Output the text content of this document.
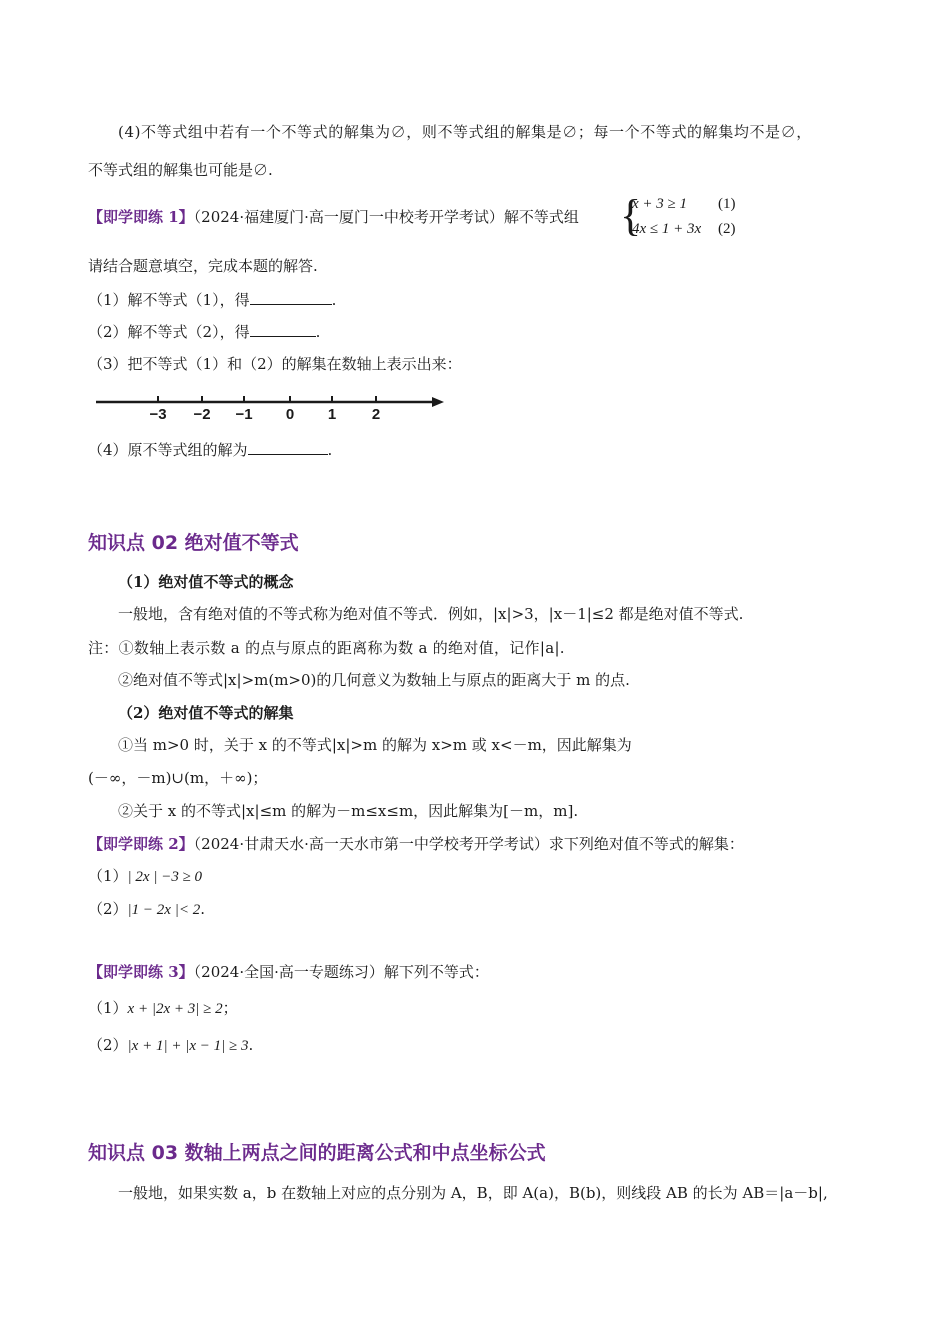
(4)不等式组中若有一个不等式的解集为∅，则不等式组的解集是∅；每一个不等式的解集均不是∅，
不等式组的解集也可能是∅.
【即学即练 1】（2024·福建厦门·高一厦门一中校考开学考试）解不等式组 {
x + 3 ≥ 1 (1)
4x ≤ 1 + 3x (2)
请结合题意填空，完成本题的解答.
（1）解不等式（1），得	.
（2）解不等式（2），得	.
（3）把不等式（1）和（2）的解集在数轴上表示出来：
−3 −2 −1 0 1 2
（4）原不等式组的解为	.
知识点 02 绝对值不等式
（1）绝对值不等式的概念
一般地，含有绝对值的不等式称为绝对值不等式．例如，|x|>3，|x－1|≤2 都是绝对值不等式.
注：①数轴上表示数 a 的点与原点的距离称为数 a 的绝对值，记作|a|.
②绝对值不等式|x|>m(m>0)的几何意义为数轴上与原点的距离大于 m 的点.
（2）绝对值不等式的解集
①当 m>0 时，关于 x 的不等式|x|>m 的解为 x>m 或 x<－m，因此解集为
(－∞，－m)∪(m，＋∞)；
②关于 x 的不等式|x|≤m 的解为－m≤x≤m，因此解集为[－m，m].
【即学即练 2】（2024·甘肃天水·高一天水市第一中学校考开学考试）求下列绝对值不等式的解集：
（1）| 2x | −3 ≥ 0
（2）|1 − 2x |< 2.
【即学即练 3】（2024·全国·高一专题练习）解下列不等式：
（1）x + |2x + 3| ≥ 2；
（2）|x + 1| + |x − 1| ≥ 3.
知识点 03 数轴上两点之间的距离公式和中点坐标公式
一般地，如果实数 a，b 在数轴上对应的点分别为 A，B，即 A(a)，B(b)，则线段 AB 的长为 AB＝|a－b|,
